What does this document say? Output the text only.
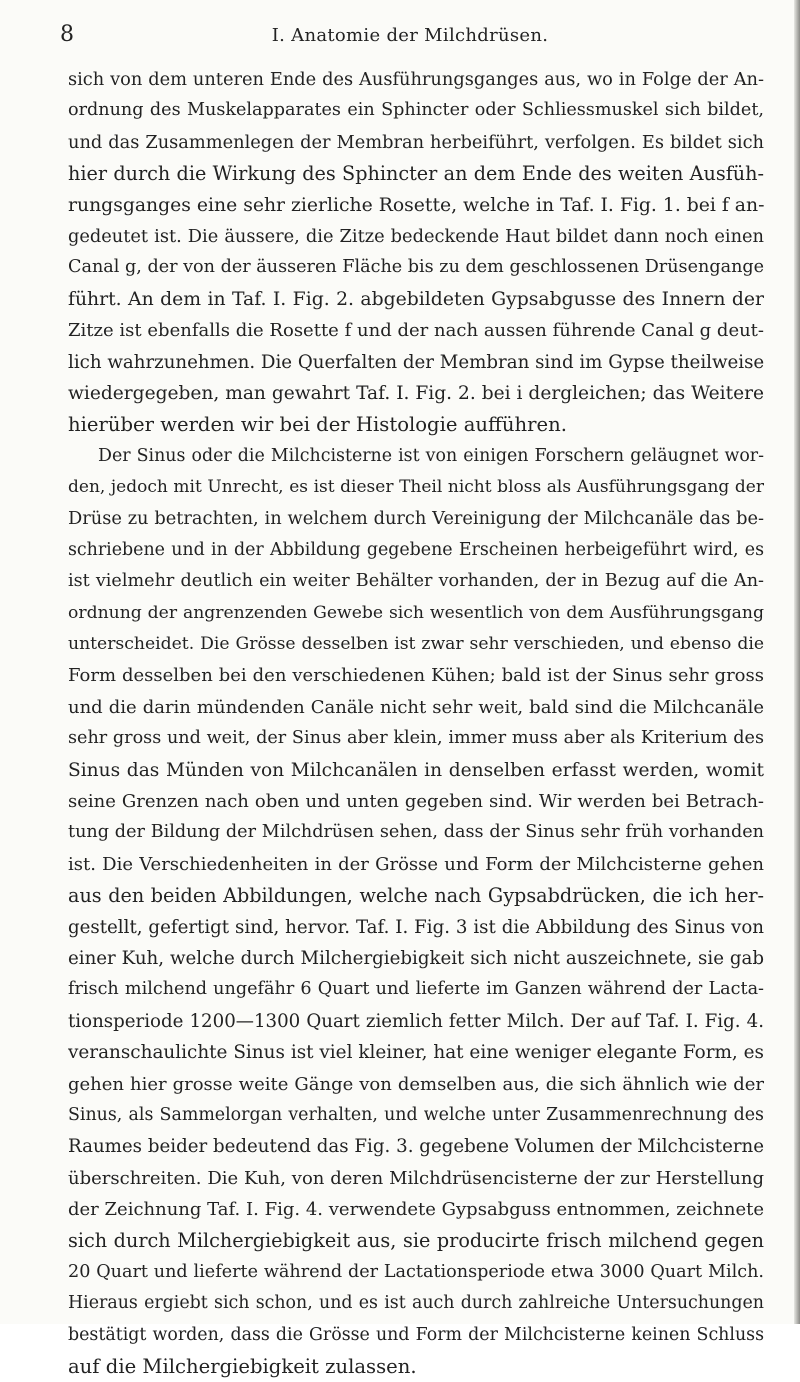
8	I. Anatomie der Milchdrüsen.
sich von dem unteren Ende des Ausführungsganges aus, wo in Folge der An-
ordnung des Muskelapparates ein Sphincter oder Schliessmuskel sich bildet,
und das Zusammenlegen der Membran herbeiführt, verfolgen. Es bildet sich
hier durch die Wirkung des Sphincter an dem Ende des weiten Ausfüh-
rungsganges eine sehr zierliche Rosette, welche in Taf. I. Fig. 1. bei f an-
gedeutet ist. Die äussere, die Zitze bedeckende Haut bildet dann noch einen
Canal g, der von der äusseren Fläche bis zu dem geschlossenen Drüsengange
führt. An dem in Taf. I. Fig. 2. abgebildeten Gypsabgusse des Innern der
Zitze ist ebenfalls die Rosette f und der nach aussen führende Canal g deut-
lich wahrzunehmen. Die Querfalten der Membran sind im Gypse theilweise
wiedergegeben, man gewahrt Taf. I. Fig. 2. bei i dergleichen; das Weitere
hierüber werden wir bei der Histologie aufführen.
Der Sinus oder die Milchcisterne ist von einigen Forschern geläugnet wor-
den, jedoch mit Unrecht, es ist dieser Theil nicht bloss als Ausführungsgang der
Drüse zu betrachten, in welchem durch Vereinigung der Milchcanäle das be-
schriebene und in der Abbildung gegebene Erscheinen herbeigeführt wird, es
ist vielmehr deutlich ein weiter Behälter vorhanden, der in Bezug auf die An-
ordnung der angrenzenden Gewebe sich wesentlich von dem Ausführungsgang
unterscheidet. Die Grösse desselben ist zwar sehr verschieden, und ebenso die
Form desselben bei den verschiedenen Kühen; bald ist der Sinus sehr gross
und die darin mündenden Canäle nicht sehr weit, bald sind die Milchcanäle
sehr gross und weit, der Sinus aber klein, immer muss aber als Kriterium des
Sinus das Münden von Milchcanälen in denselben erfasst werden, womit
seine Grenzen nach oben und unten gegeben sind. Wir werden bei Betrach-
tung der Bildung der Milchdrüsen sehen, dass der Sinus sehr früh vorhanden
ist. Die Verschiedenheiten in der Grösse und Form der Milchcisterne gehen
aus den beiden Abbildungen, welche nach Gypsabdrücken, die ich her-
gestellt, gefertigt sind, hervor. Taf. I. Fig. 3 ist die Abbildung des Sinus von
einer Kuh, welche durch Milchergiebigkeit sich nicht auszeichnete, sie gab
frisch milchend ungefähr 6 Quart und lieferte im Ganzen während der Lacta-
tionsperiode 1200—1300 Quart ziemlich fetter Milch. Der auf Taf. I. Fig. 4.
veranschaulichte Sinus ist viel kleiner, hat eine weniger elegante Form, es
gehen hier grosse weite Gänge von demselben aus, die sich ähnlich wie der
Sinus, als Sammelorgan verhalten, und welche unter Zusammenrechnung des
Raumes beider bedeutend das Fig. 3. gegebene Volumen der Milchcisterne
überschreiten. Die Kuh, von deren Milchdrüsencisterne der zur Herstellung
der Zeichnung Taf. I. Fig. 4. verwendete Gypsabguss entnommen, zeichnete
sich durch Milchergiebigkeit aus, sie producirte frisch milchend gegen
20 Quart und lieferte während der Lactationsperiode etwa 3000 Quart Milch.
Hieraus ergiebt sich schon, und es ist auch durch zahlreiche Untersuchungen
bestätigt worden, dass die Grösse und Form der Milchcisterne keinen Schluss
auf die Milchergiebigkeit zulassen.
